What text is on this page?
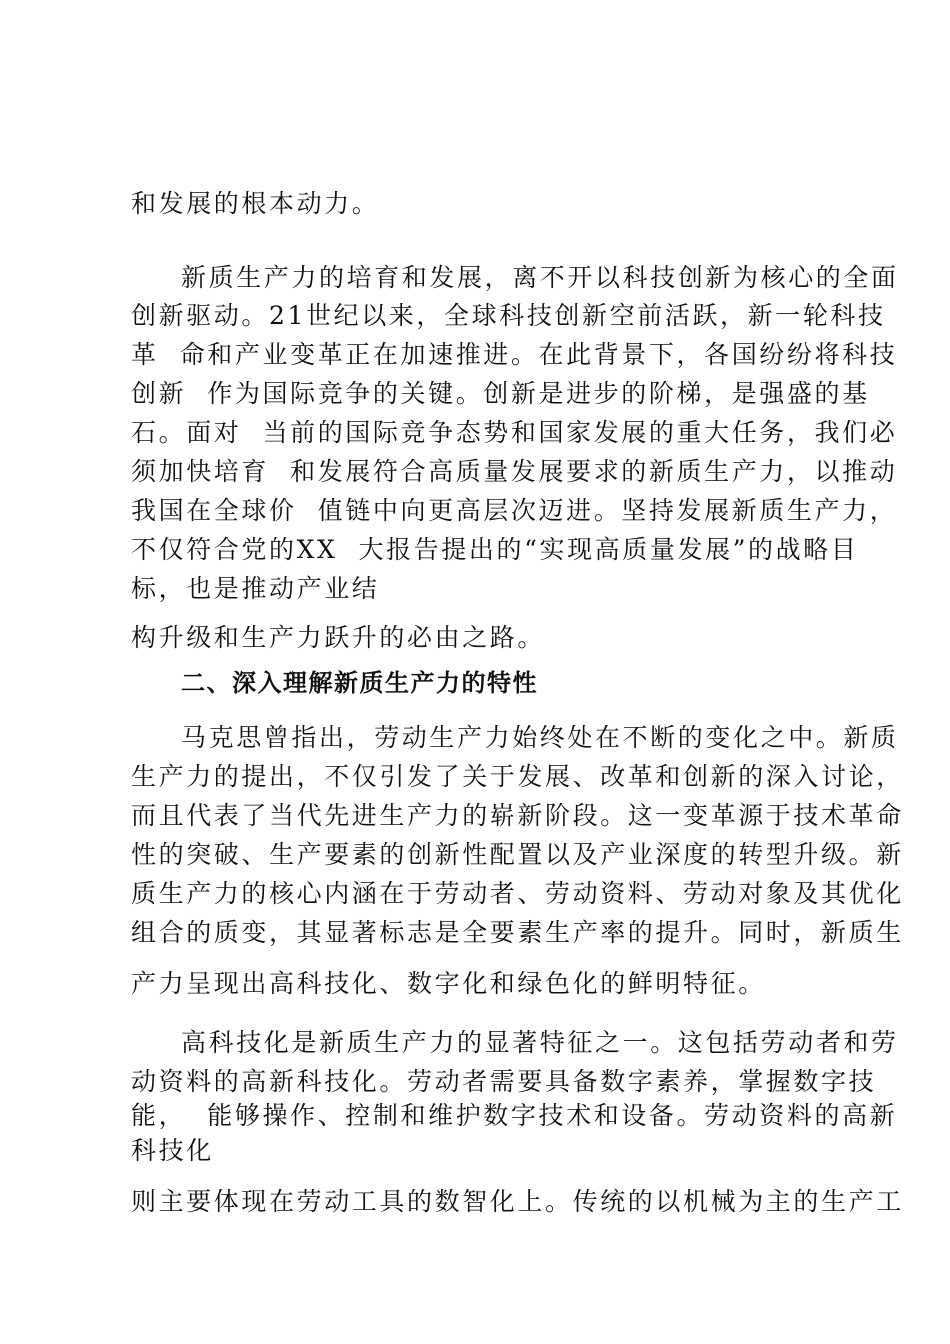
和发展的根本动力。
新质生产力的培育和发展，离不开以科技创新为核心的全面
创新驱动。21世纪以来，全球科技创新空前活跃，新一轮科技
革  命和产业变革正在加速推进。在此背景下，各国纷纷将科技
创新  作为国际竞争的关键。创新是进步的阶梯，是强盛的基
石。面对  当前的国际竞争态势和国家发展的重大任务，我们必
须加快培育  和发展符合高质量发展要求的新质生产力，以推动
我国在全球价  值链中向更高层次迈进。坚持发展新质生产力，
不仅符合党的XX  大报告提出的“实现高质量发展”的战略目
标，也是推动产业结
构升级和生产力跃升的必由之路。
二、深入理解新质生产力的特性
马克思曾指出，劳动生产力始终处在不断的变化之中。新质
生产力的提出，不仅引发了关于发展、改革和创新的深入讨论，
而且代表了当代先进生产力的崭新阶段。这一变革源于技术革命
性的突破、生产要素的创新性配置以及产业深度的转型升级。新
质生产力的核心内涵在于劳动者、劳动资料、劳动对象及其优化
组合的质变，其显著标志是全要素生产率的提升。同时，新质生
产力呈现出高科技化、数字化和绿色化的鲜明特征。
高科技化是新质生产力的显著特征之一。这包括劳动者和劳
动资料的高新科技化。劳动者需要具备数字素养，掌握数字技
能，  能够操作、控制和维护数字技术和设备。劳动资料的高新
科技化
则主要体现在劳动工具的数智化上。传统的以机械为主的生产工
